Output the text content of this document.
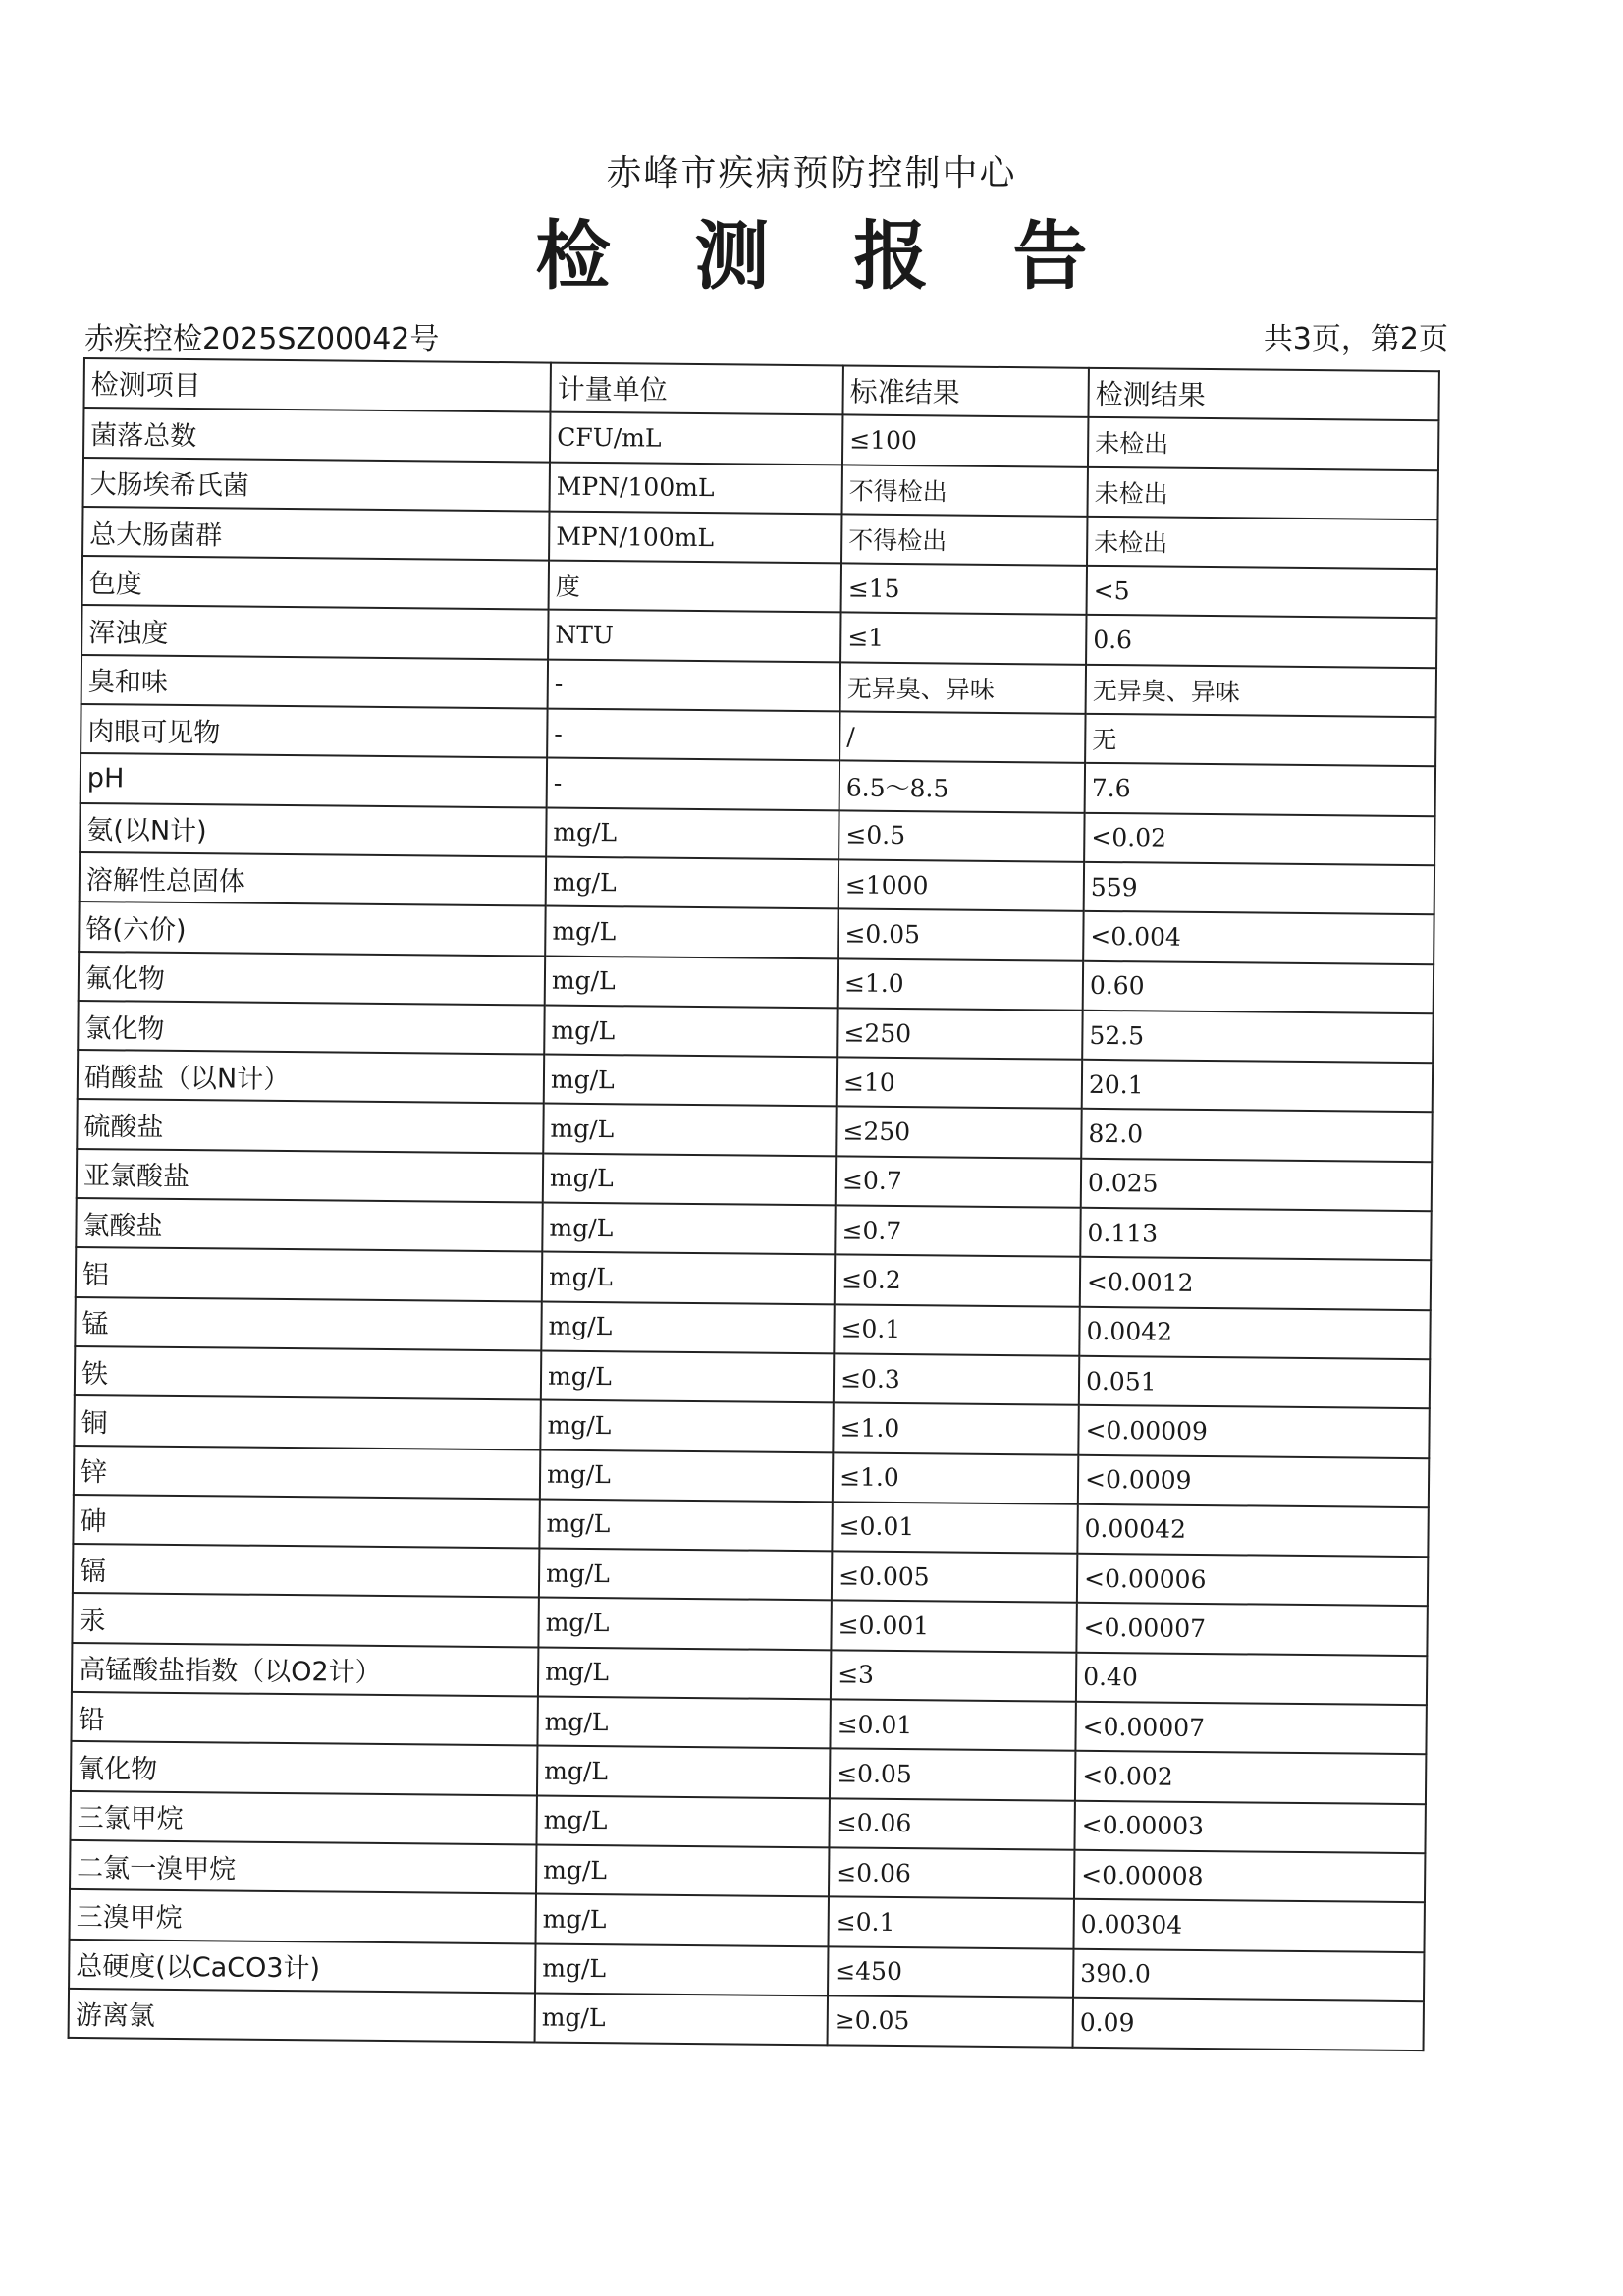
赤峰市疾病预防控制中心
检 测 报 告
赤疾控检2025SZ00042号	共3页，第2页
检测项目	计量单位	标准结果	检测结果
菌落总数	CFU/mL	≤100	未检出
大肠埃希氏菌	MPN/100mL	不得检出	未检出
总大肠菌群	MPN/100mL	不得检出	未检出
色度	度	≤15	<5
浑浊度	NTU	≤1	0.6
臭和味	-	无异臭、异味	无异臭、异味
肉眼可见物	-	/	无
pH	-	6.5～8.5	7.6
氨(以N计)	mg/L	≤0.5	<0.02
溶解性总固体	mg/L	≤1000	559
铬(六价)	mg/L	≤0.05	<0.004
氟化物	mg/L	≤1.0	0.60
氯化物	mg/L	≤250	52.5
硝酸盐（以N计）	mg/L	≤10	20.1
硫酸盐	mg/L	≤250	82.0
亚氯酸盐	mg/L	≤0.7	0.025
氯酸盐	mg/L	≤0.7	0.113
铝	mg/L	≤0.2	<0.0012
锰	mg/L	≤0.1	0.0042
铁	mg/L	≤0.3	0.051
铜	mg/L	≤1.0	<0.00009
锌	mg/L	≤1.0	<0.0009
砷	mg/L	≤0.01	0.00042
镉	mg/L	≤0.005	<0.00006
汞	mg/L	≤0.001	<0.00007
高锰酸盐指数（以O2计）	mg/L	≤3	0.40
铅	mg/L	≤0.01	<0.00007
氰化物	mg/L	≤0.05	<0.002
三氯甲烷	mg/L	≤0.06	<0.00003
二氯一溴甲烷	mg/L	≤0.06	<0.00008
三溴甲烷	mg/L	≤0.1	0.00304
总硬度(以CaCO3计)	mg/L	≤450	390.0
游离氯	mg/L	≥0.05	0.09
